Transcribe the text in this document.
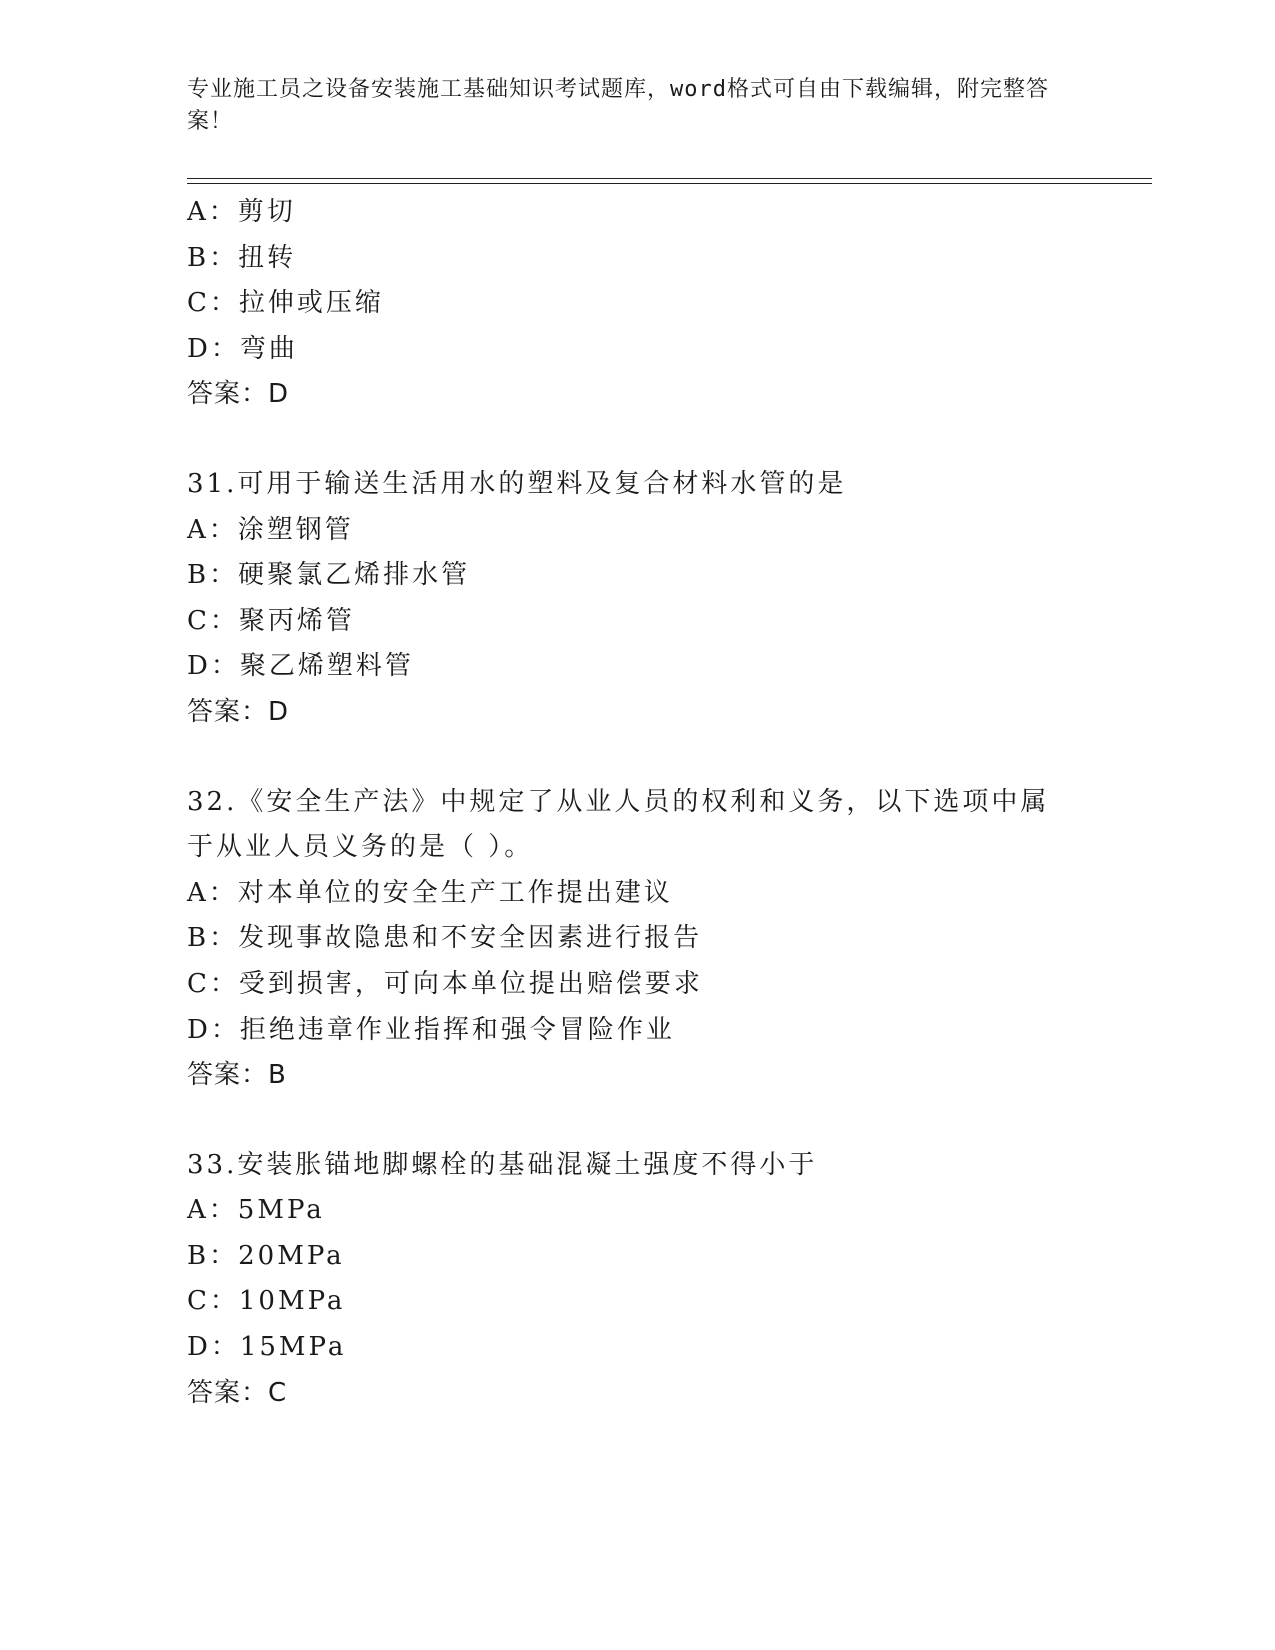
专业施工员之设备安装施工基础知识考试题库，word格式可自由下载编辑，附完整答案！
A：剪切
B：扭转
C：拉伸或压缩
D：弯曲
答案：D
31.可用于输送生活用水的塑料及复合材料水管的是
A：涂塑钢管
B：硬聚氯乙烯排水管
C：聚丙烯管
D：聚乙烯塑料管
答案：D
32.《安全生产法》中规定了从业人员的权利和义务，以下选项中属于从业人员义务的是（ ）。
A：对本单位的安全生产工作提出建议
B：发现事故隐患和不安全因素进行报告
C：受到损害，可向本单位提出赔偿要求
D：拒绝违章作业指挥和强令冒险作业
答案：B
33.安装胀锚地脚螺栓的基础混凝土强度不得小于
A：5MPa
B：20MPa
C：10MPa
D：15MPa
答案：C
